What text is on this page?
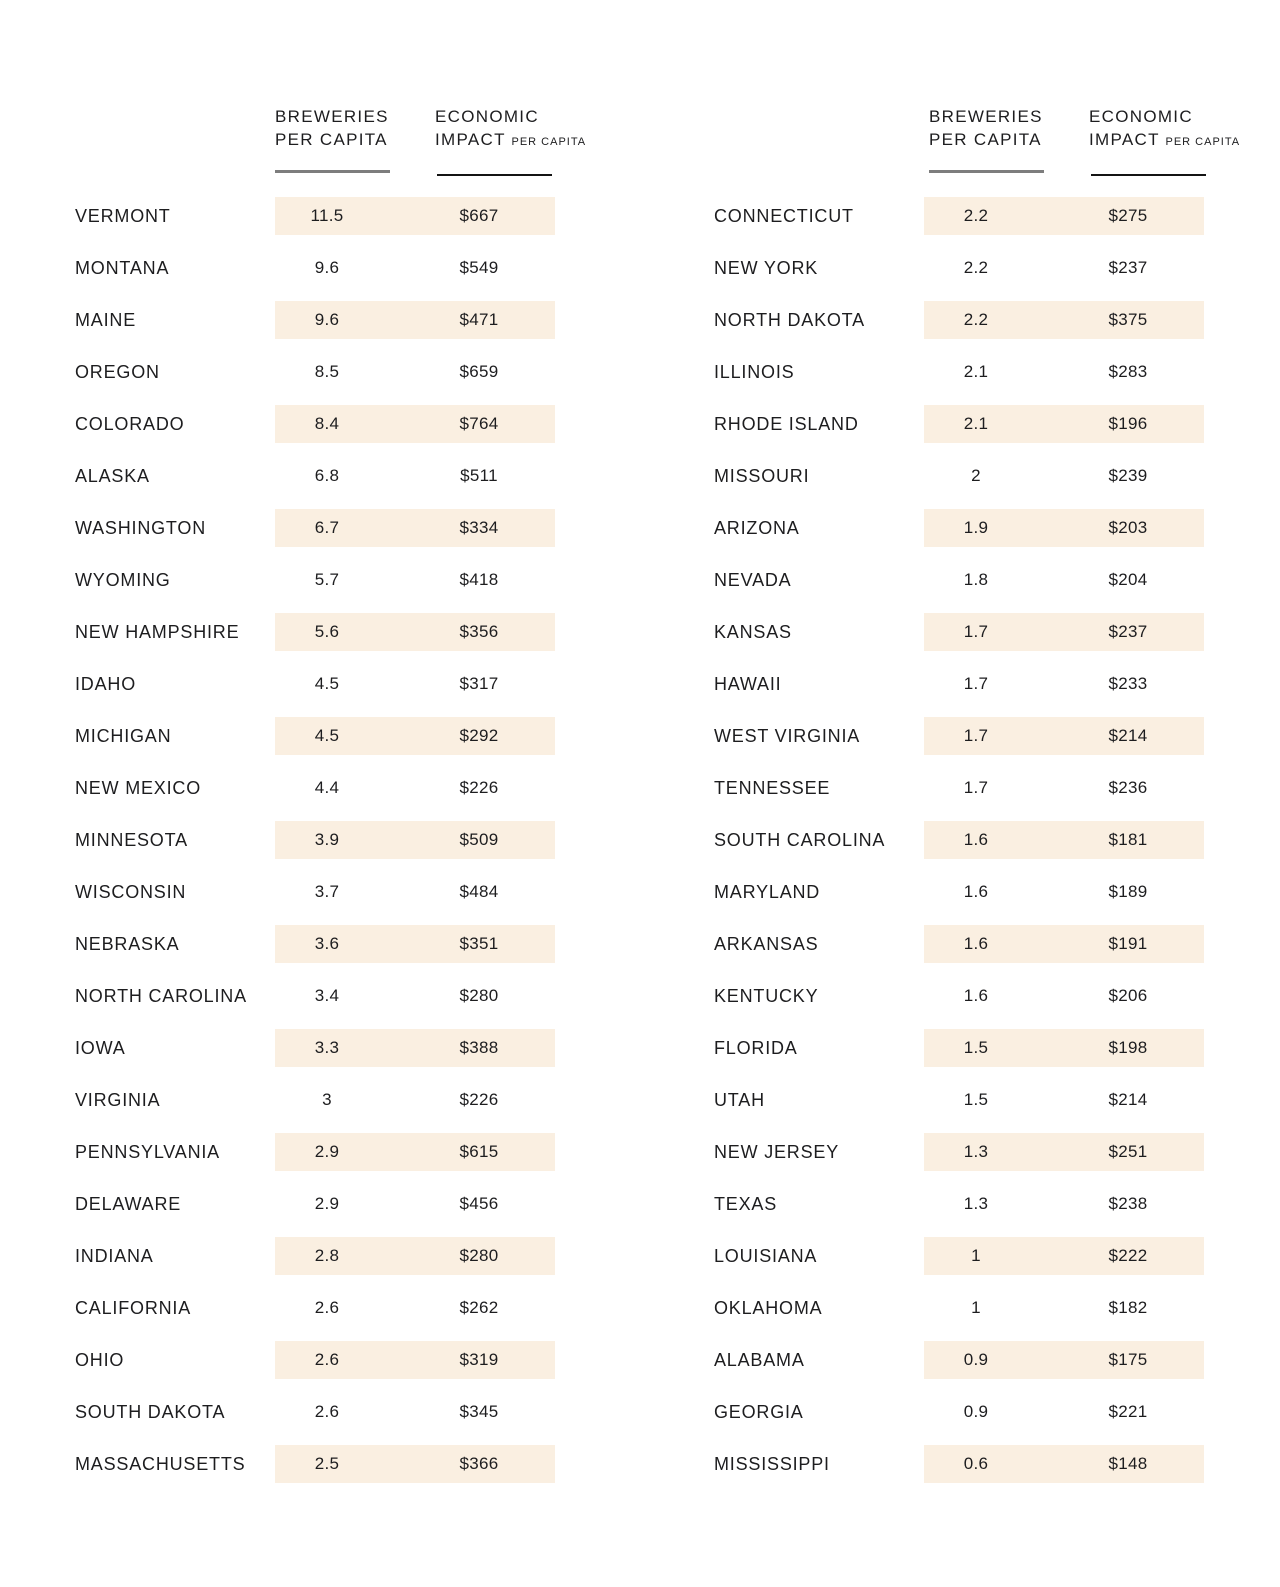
BREWERIES
PER CAPITA
ECONOMIC
IMPACT PER CAPITA
VERMONT	11.5	$667
MONTANA	9.6	$549
MAINE	9.6	$471
OREGON	8.5	$659
COLORADO	8.4	$764
ALASKA	6.8	$511
WASHINGTON	6.7	$334
WYOMING	5.7	$418
NEW HAMPSHIRE	5.6	$356
IDAHO	4.5	$317
MICHIGAN	4.5	$292
NEW MEXICO	4.4	$226
MINNESOTA	3.9	$509
WISCONSIN	3.7	$484
NEBRASKA	3.6	$351
NORTH CAROLINA	3.4	$280
IOWA	3.3	$388
VIRGINIA	3	$226
PENNSYLVANIA	2.9	$615
DELAWARE	2.9	$456
INDIANA	2.8	$280
CALIFORNIA	2.6	$262
OHIO	2.6	$319
SOUTH DAKOTA	2.6	$345
MASSACHUSETTS	2.5	$366
BREWERIES
PER CAPITA
ECONOMIC
IMPACT PER CAPITA
CONNECTICUT	2.2	$275
NEW YORK	2.2	$237
NORTH DAKOTA	2.2	$375
ILLINOIS	2.1	$283
RHODE ISLAND	2.1	$196
MISSOURI	2	$239
ARIZONA	1.9	$203
NEVADA	1.8	$204
KANSAS	1.7	$237
HAWAII	1.7	$233
WEST VIRGINIA	1.7	$214
TENNESSEE	1.7	$236
SOUTH CAROLINA	1.6	$181
MARYLAND	1.6	$189
ARKANSAS	1.6	$191
KENTUCKY	1.6	$206
FLORIDA	1.5	$198
UTAH	1.5	$214
NEW JERSEY	1.3	$251
TEXAS	1.3	$238
LOUISIANA	1	$222
OKLAHOMA	1	$182
ALABAMA	0.9	$175
GEORGIA	0.9	$221
MISSISSIPPI	0.6	$148
